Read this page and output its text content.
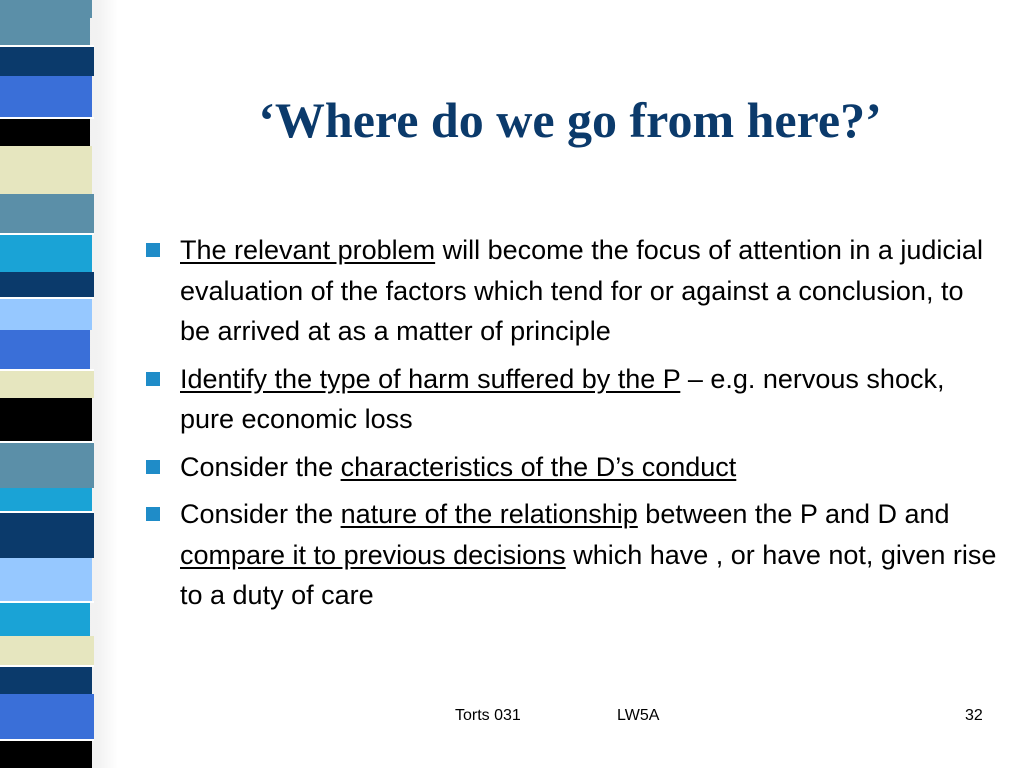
‘Where do we go from here?’
The relevant problem will become the focus of attention in a judicial evaluation of the factors which tend for or against a conclusion, to be arrived at as a matter of principle
Identify the type of harm suffered by the P – e.g. nervous shock, pure economic loss
Consider the characteristics of the D’s conduct
Consider the nature of the relationship between the P and D and compare it to previous decisions which have , or have not, given rise to a duty of care
Torts 031	LW5A	32
